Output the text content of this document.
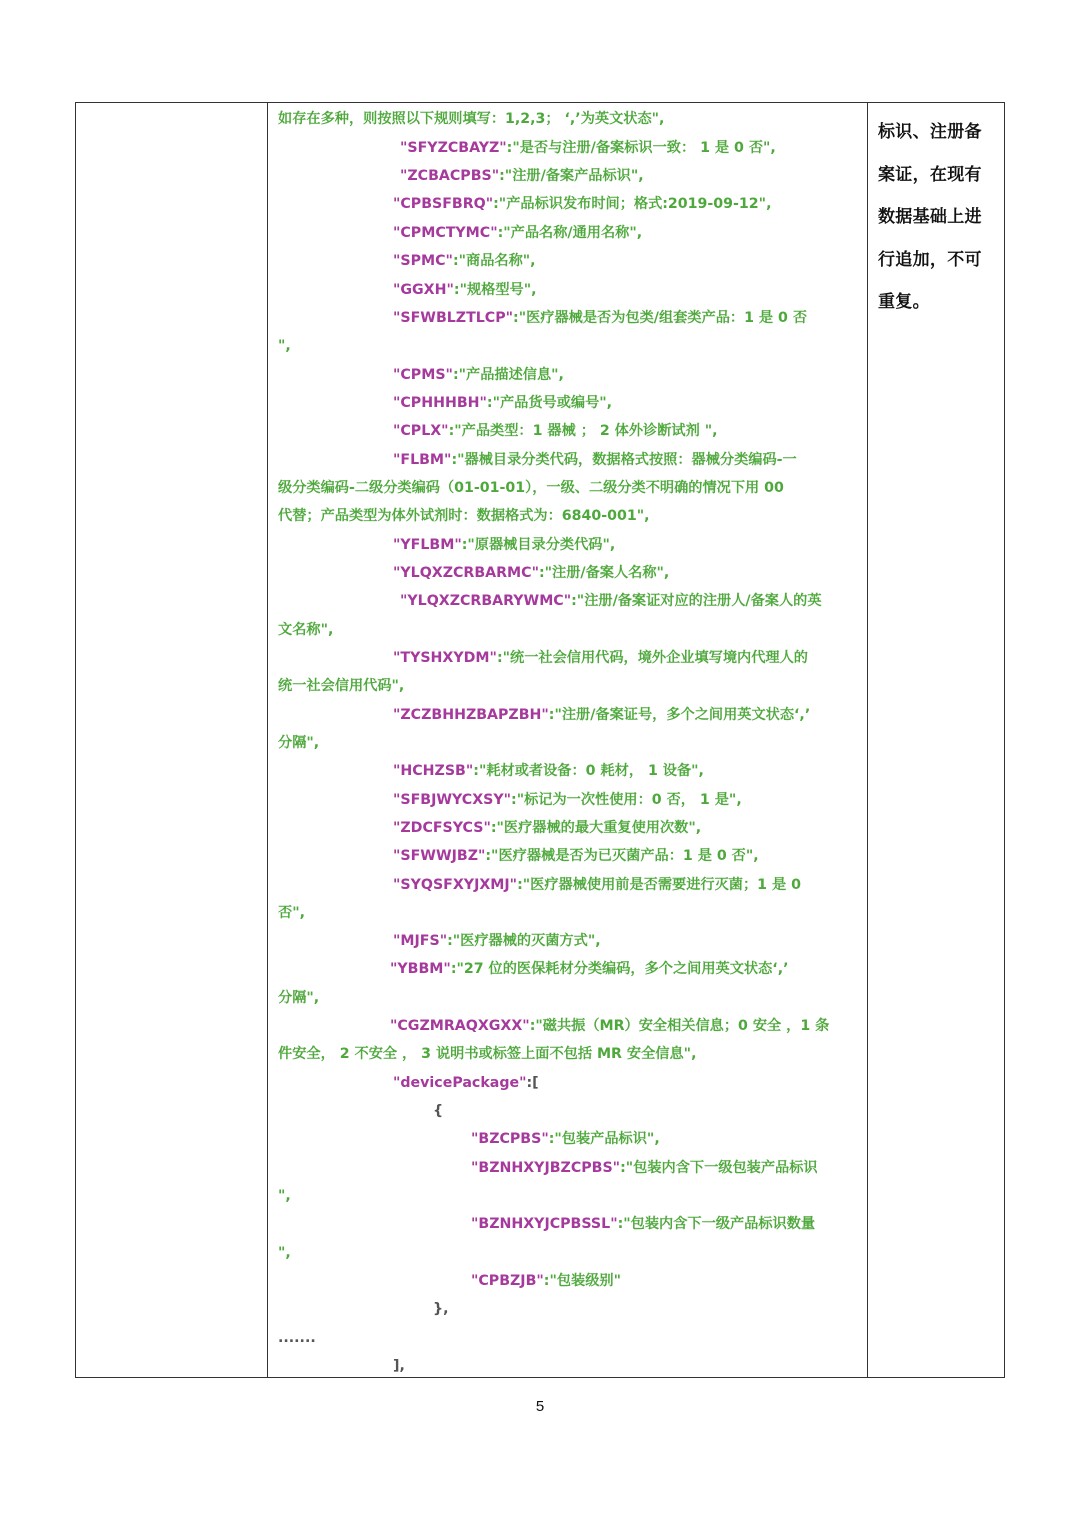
如存在多种，则按照以下规则填写：1,2,3； ‘,’为英文状态",
"SFYZCBAYZ":"是否与注册/备案标识一致： 1 是 0 否",
"ZCBACPBS":"注册/备案产品标识",
"CPBSFBRQ":"产品标识发布时间；格式:2019-09-12",
"CPMCTYMC":"产品名称/通用名称",
"SPMC":"商品名称",
"GGXH":"规格型号",
"SFWBLZTLCP":"医疗器械是否为包类/组套类产品：1 是 0 否
",
"CPMS":"产品描述信息",
"CPHHHBH":"产品货号或编号",
"CPLX":"产品类型：1 器械 ； 2 体外诊断试剂 ",
"FLBM":"器械目录分类代码，数据格式按照：器械分类编码-一
级分类编码-二级分类编码（01-01-01），一级、二级分类不明确的情况下用 00
代替；产品类型为体外试剂时：数据格式为：6840-001",
"YFLBM":"原器械目录分类代码",
"YLQXZCRBARMC":"注册/备案人名称",
"YLQXZCRBARYWMC":"注册/备案证对应的注册人/备案人的英
文名称",
"TYSHXYDM":"统一社会信用代码，境外企业填写境内代理人的
统一社会信用代码",
"ZCZBHHZBAPZBH":"注册/备案证号，多个之间用英文状态‘,’
分隔",
"HCHZSB":"耗材或者设备：0 耗材， 1 设备",
"SFBJWYCXSY":"标记为一次性使用：0 否， 1 是",
"ZDCFSYCS":"医疗器械的最大重复使用次数",
"SFWWJBZ":"医疗器械是否为已灭菌产品：1 是 0 否",
"SYQSFXYJXMJ":"医疗器械使用前是否需要进行灭菌；1 是 0
否",
"MJFS":"医疗器械的灭菌方式",
"YBBM":"27 位的医保耗材分类编码，多个之间用英文状态‘,’
分隔",
"CGZMRAQXGXX":"磁共振（MR）安全相关信息；0 安全 ，1 条
件安全， 2 不安全 ， 3 说明书或标签上面不包括 MR 安全信息",
"devicePackage":[
{
"BZCPBS":"包装产品标识",
"BZNHXYJBZCPBS":"包装内含下一级包装产品标识
",
"BZNHXYJCPBSSL":"包装内含下一级产品标识数量
",
"CPBZJB":"包装级别"
},
.......
],
标识、注册备
案证，在现有
数据基础上进
行追加，不可
重复。
5
